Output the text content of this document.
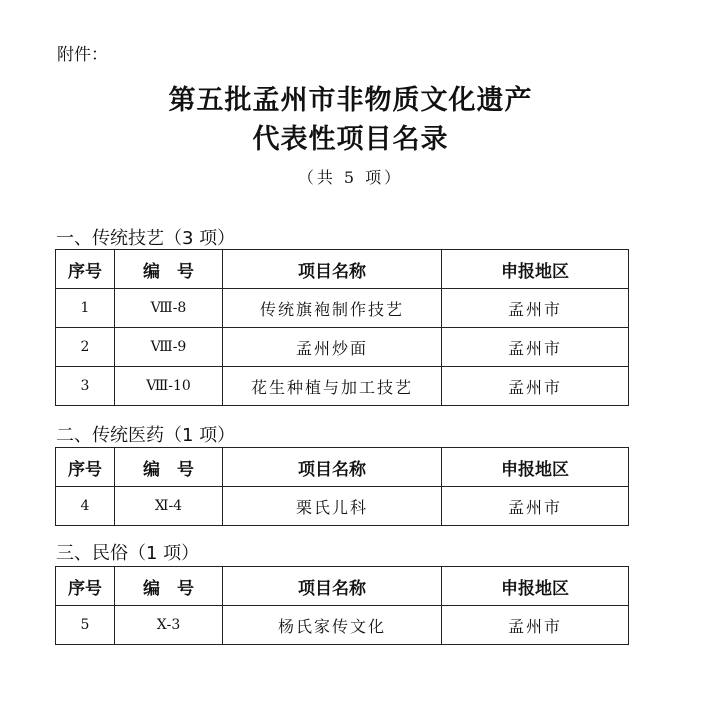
附件：
第五批孟州市非物质文化遗产
代表性项目名录
（共 5 项）
一、传统技艺（3 项）
序号	编　号	项目名称	申报地区
1	Ⅷ-8	传统旗袍制作技艺	孟州市
2	Ⅷ-9	孟州炒面	孟州市
3	Ⅷ-10	花生种植与加工技艺	孟州市
二、传统医药（1 项）
序号	编　号	项目名称	申报地区
4	Ⅺ-4	栗氏儿科	孟州市
三、民俗（1 项）
序号	编　号	项目名称	申报地区
5	Ⅹ-3	杨氏家传文化	孟州市
